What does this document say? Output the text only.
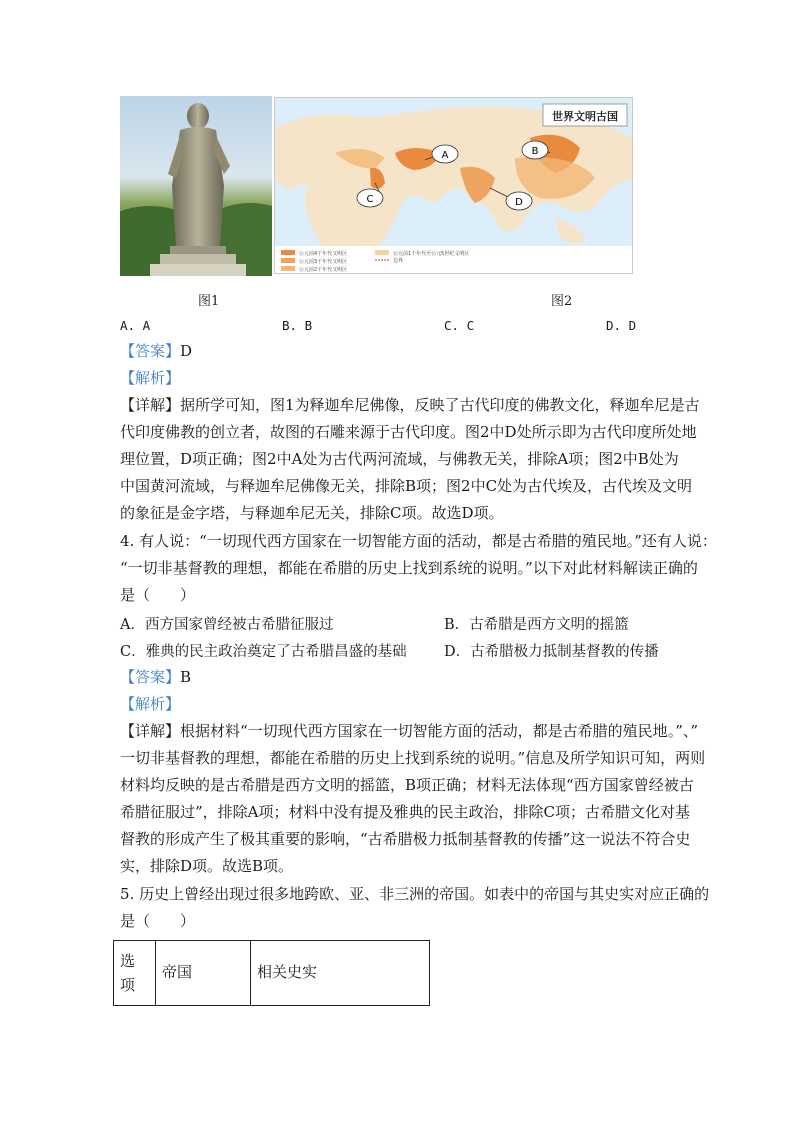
世界文明古国
A	B
C	D
公元前4千年代文明区
公元前3千年代文明区
公元前2千年代文明区
公元前1千年代至公元5世纪文明区
边界
图1	图2
A. A	B. B	C. C	D. D
【答案】D
【解析】
【详解】据所学可知，图1为释迦牟尼佛像，反映了古代印度的佛教文化，释迦牟尼是古
代印度佛教的创立者，故图的石雕来源于古代印度。图2中D处所示即为古代印度所处地
理位置，D项正确；图2中A处为古代两河流域，与佛教无关，排除A项；图2中B处为
中国黄河流域，与释迦牟尼佛像无关，排除B项；图2中C处为古代埃及，古代埃及文明
的象征是金字塔，与释迦牟尼无关，排除C项。故选D项。
4. 有人说：“一切现代西方国家在一切智能方面的活动，都是古希腊的殖民地。”还有人说：
“一切非基督教的理想，都能在希腊的历史上找到系统的说明。”以下对此材料解读正确的
是（　　）
A．西方国家曾经被古希腊征服过	B．古希腊是西方文明的摇篮
C．雅典的民主政治奠定了古希腊昌盛的基础	D．古希腊极力抵制基督教的传播
【答案】B
【解析】
【详解】根据材料“一切现代西方国家在一切智能方面的活动，都是古希腊的殖民地。”、”
一切非基督教的理想，都能在希腊的历史上找到系统的说明。”信息及所学知识可知，两则
材料均反映的是古希腊是西方文明的摇篮，B项正确；材料无法体现“西方国家曾经被古
希腊征服过”，排除A项；材料中没有提及雅典的民主政治，排除C项；古希腊文化对基
督教的形成产生了极其重要的影响，“古希腊极力抵制基督教的传播”这一说法不符合史
实，排除D项。故选B项。
5. 历史上曾经出现过很多地跨欧、亚、非三洲的帝国。如表中的帝国与其史实对应正确的
是（　　）
选项	帝国	相关史实
